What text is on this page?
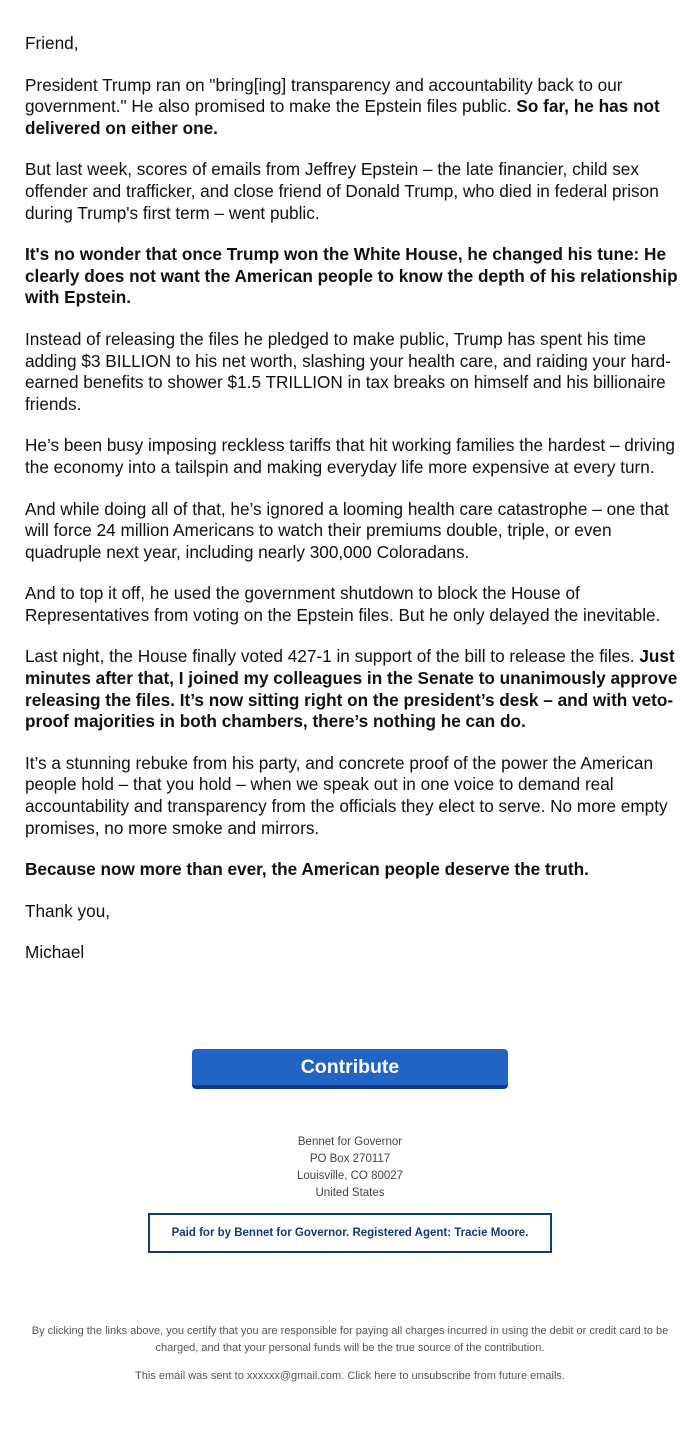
Friend,

President Trump ran on "bring[ing] transparency and accountability back to our government." He also promised to make the Epstein files public. So far, he has not delivered on either one.

But last week, scores of emails from Jeffrey Epstein – the late financier, child sex offender and trafficker, and close friend of Donald Trump, who died in federal prison during Trump's first term – went public.

It's no wonder that once Trump won the White House, he changed his tune: He clearly does not want the American people to know the depth of his relationship with Epstein.

Instead of releasing the files he pledged to make public, Trump has spent his time adding $3 BILLION to his net worth, slashing your health care, and raiding your hard-earned benefits to shower $1.5 TRILLION in tax breaks on himself and his billionaire friends.

He’s been busy imposing reckless tariffs that hit working families the hardest – driving the economy into a tailspin and making everyday life more expensive at every turn.

And while doing all of that, he’s ignored a looming health care catastrophe – one that will force 24 million Americans to watch their premiums double, triple, or even quadruple next year, including nearly 300,000 Coloradans.

And to top it off, he used the government shutdown to block the House of Representatives from voting on the Epstein files. But he only delayed the inevitable.

Last night, the House finally voted 427-1 in support of the bill to release the files. Just minutes after that, I joined my colleagues in the Senate to unanimously approve releasing the files. It’s now sitting right on the president’s desk – and with veto-proof majorities in both chambers, there’s nothing he can do.

It’s a stunning rebuke from his party, and concrete proof of the power the American people hold – that you hold – when we speak out in one voice to demand real accountability and transparency from the officials they elect to serve. No more empty promises, no more smoke and mirrors.

Because now more than ever, the American people deserve the truth.

Thank you,

Michael

Contribute
Bennet for Governor
PO Box 270117
Louisville, CO 80027
United States
Paid for by Bennet for Governor. Registered Agent: Tracie Moore.
By clicking the links above, you certify that you are responsible for paying all charges incurred in using the debit or credit card to be charged, and that your personal funds will be the true source of the contribution.
This email was sent to xxxxxx@gmail.com. Click here to unsubscribe from future emails.
